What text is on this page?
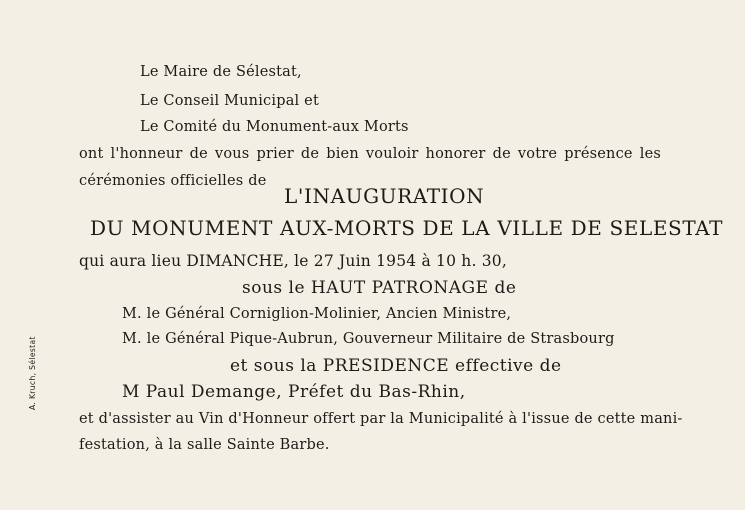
Le Maire de Sélestat,
Le Conseil Municipal et
Le Comité du Monument-aux Morts
ont l'honneur de vous prier de bien vouloir honorer de votre présence les
cérémonies officielles de
L'INAUGURATION
DU MONUMENT AUX-MORTS DE LA VILLE DE SELESTAT
qui aura lieu DIMANCHE, le 27 Juin 1954 à 10 h. 30,
sous le HAUT PATRONAGE de
M. le Général Corniglion-Molinier, Ancien Ministre,
M. le Général Pique-Aubrun, Gouverneur Militaire de Strasbourg
et sous la PRESIDENCE effective de
M Paul Demange, Préfet du Bas-Rhin,
et d'assister au Vin d'Honneur offert par la Municipalité à l'issue de cette mani-
festation, à la salle Sainte Barbe.
A. Kruch, Sélestat
